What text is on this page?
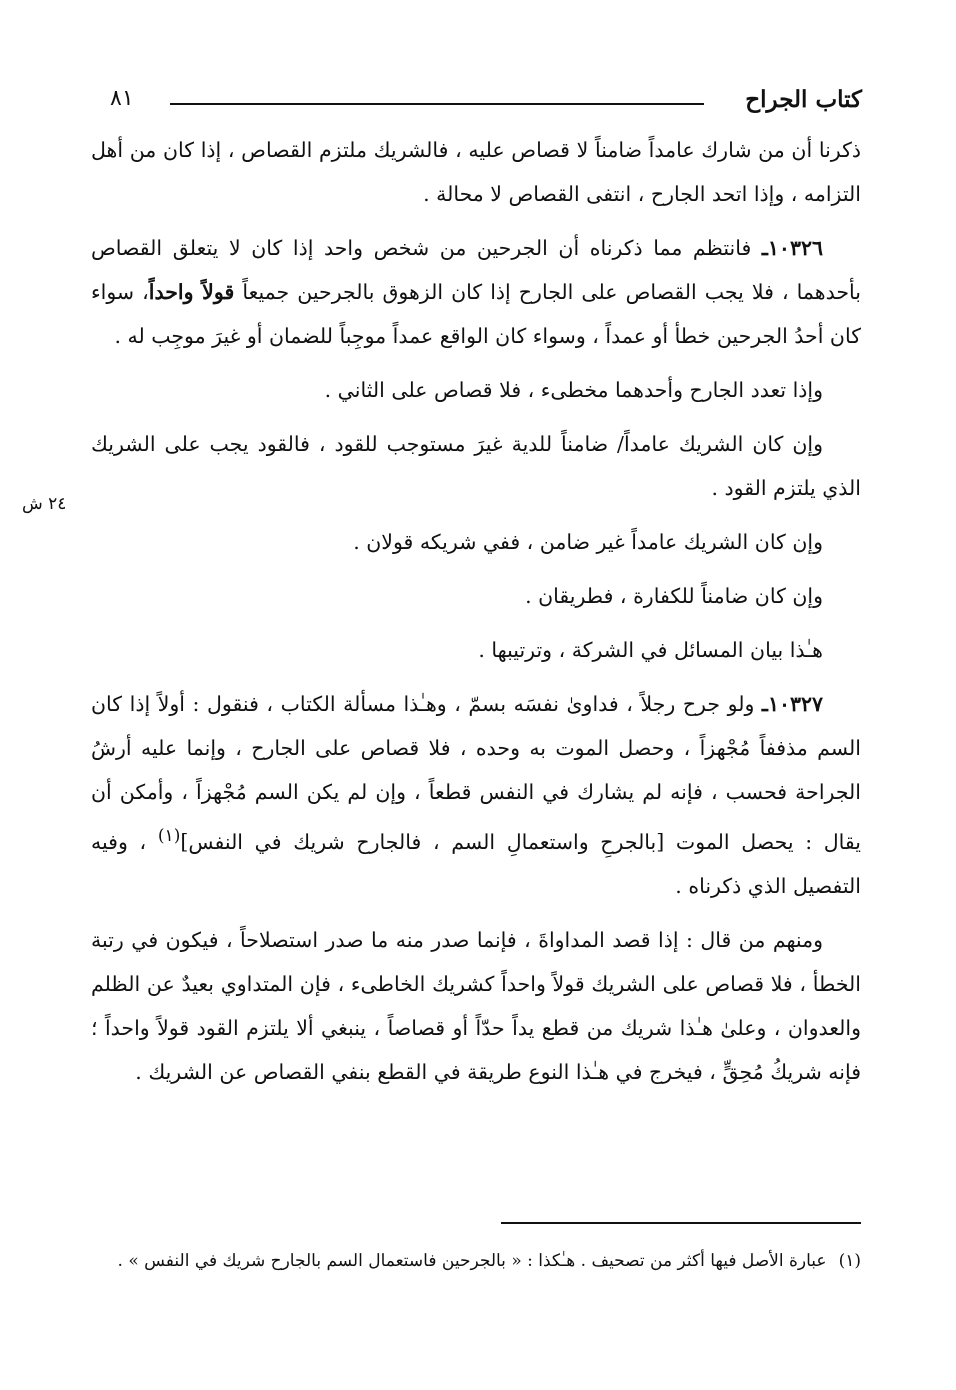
كتاب الجراح
٨١
٢٤ ش

ذكرنا أن من شارك عامداً ضامناً لا قصاص عليه ، فالشريك ملتزم القصاص ، إذا كان من أهل التزامه ، وإذا اتحد الجارح ، انتفى القصاص لا محالة .

١٠٣٢٦ـ فانتظم مما ذكرناه أن الجرحين من شخص واحد إذا كان لا يتعلق القصاص بأحدهما ، فلا يجب القصاص على الجارح إذا كان الزهوق بالجرحين جميعاً قولاً واحداً، سواء كان أحدُ الجرحين خطأ أو عمداً ، وسواء كان الواقع عمداً موجِباً للضمان أو غيرَ موجِب له .

وإذا تعدد الجارح وأحدهما مخطىء ، فلا قصاص على الثاني .

وإن كان الشريك عامداً/ ضامناً للدية غيرَ مستوجب للقود ، فالقود يجب على الشريك الذي يلتزم القود .

وإن كان الشريك عامداً غير ضامن ، ففي شريكه قولان .

وإن كان ضامناً للكفارة ، فطريقان .

هـٰذا بيان المسائل في الشركة ، وترتيبها .

١٠٣٢٧ـ ولو جرح رجلاً ، فداوىٰ نفسَه بسمّ ، وهـٰذا مسألة الكتاب ، فنقول : أولاً إذا كان السم مذففاً مُجْهزاً ، وحصل الموت به وحده ، فلا قصاص على الجارح ، وإنما عليه أرشُ الجراحة فحسب ، فإنه لم يشارك في النفس قطعاً ، وإن لم يكن السم مُجْهزاً ، وأمكن أن يقال : يحصل الموت [بالجرحِ واستعمالِ السم ، فالجارح شريك في النفس]$^{(١)}$ ، وفيه التفصيل الذي ذكرناه .

ومنهم من قال : إذا قصد المداواةَ ، فإنما صدر منه ما صدر استصلاحاً ، فيكون في رتبة الخطأ ، فلا قصاص على الشريك قولاً واحداً كشريك الخاطىء ، فإن المتداوي بعيدٌ عن الظلم والعدوان ، وعلىٰ هـٰذا شريك من قطع يداً حدّاً أو قصاصاً ، ينبغي ألا يلتزم القود قولاً واحداً ؛ فإنه شريكُ مُحِقٍّ ، فيخرج في هـٰذا النوع طريقة في القطع بنفي القصاص عن الشريك .

(١)عبارة الأصل فيها أكثر من تصحيف . هـٰكذا : « بالجرحين فاستعمال السم بالجارح شريك في النفس » .
